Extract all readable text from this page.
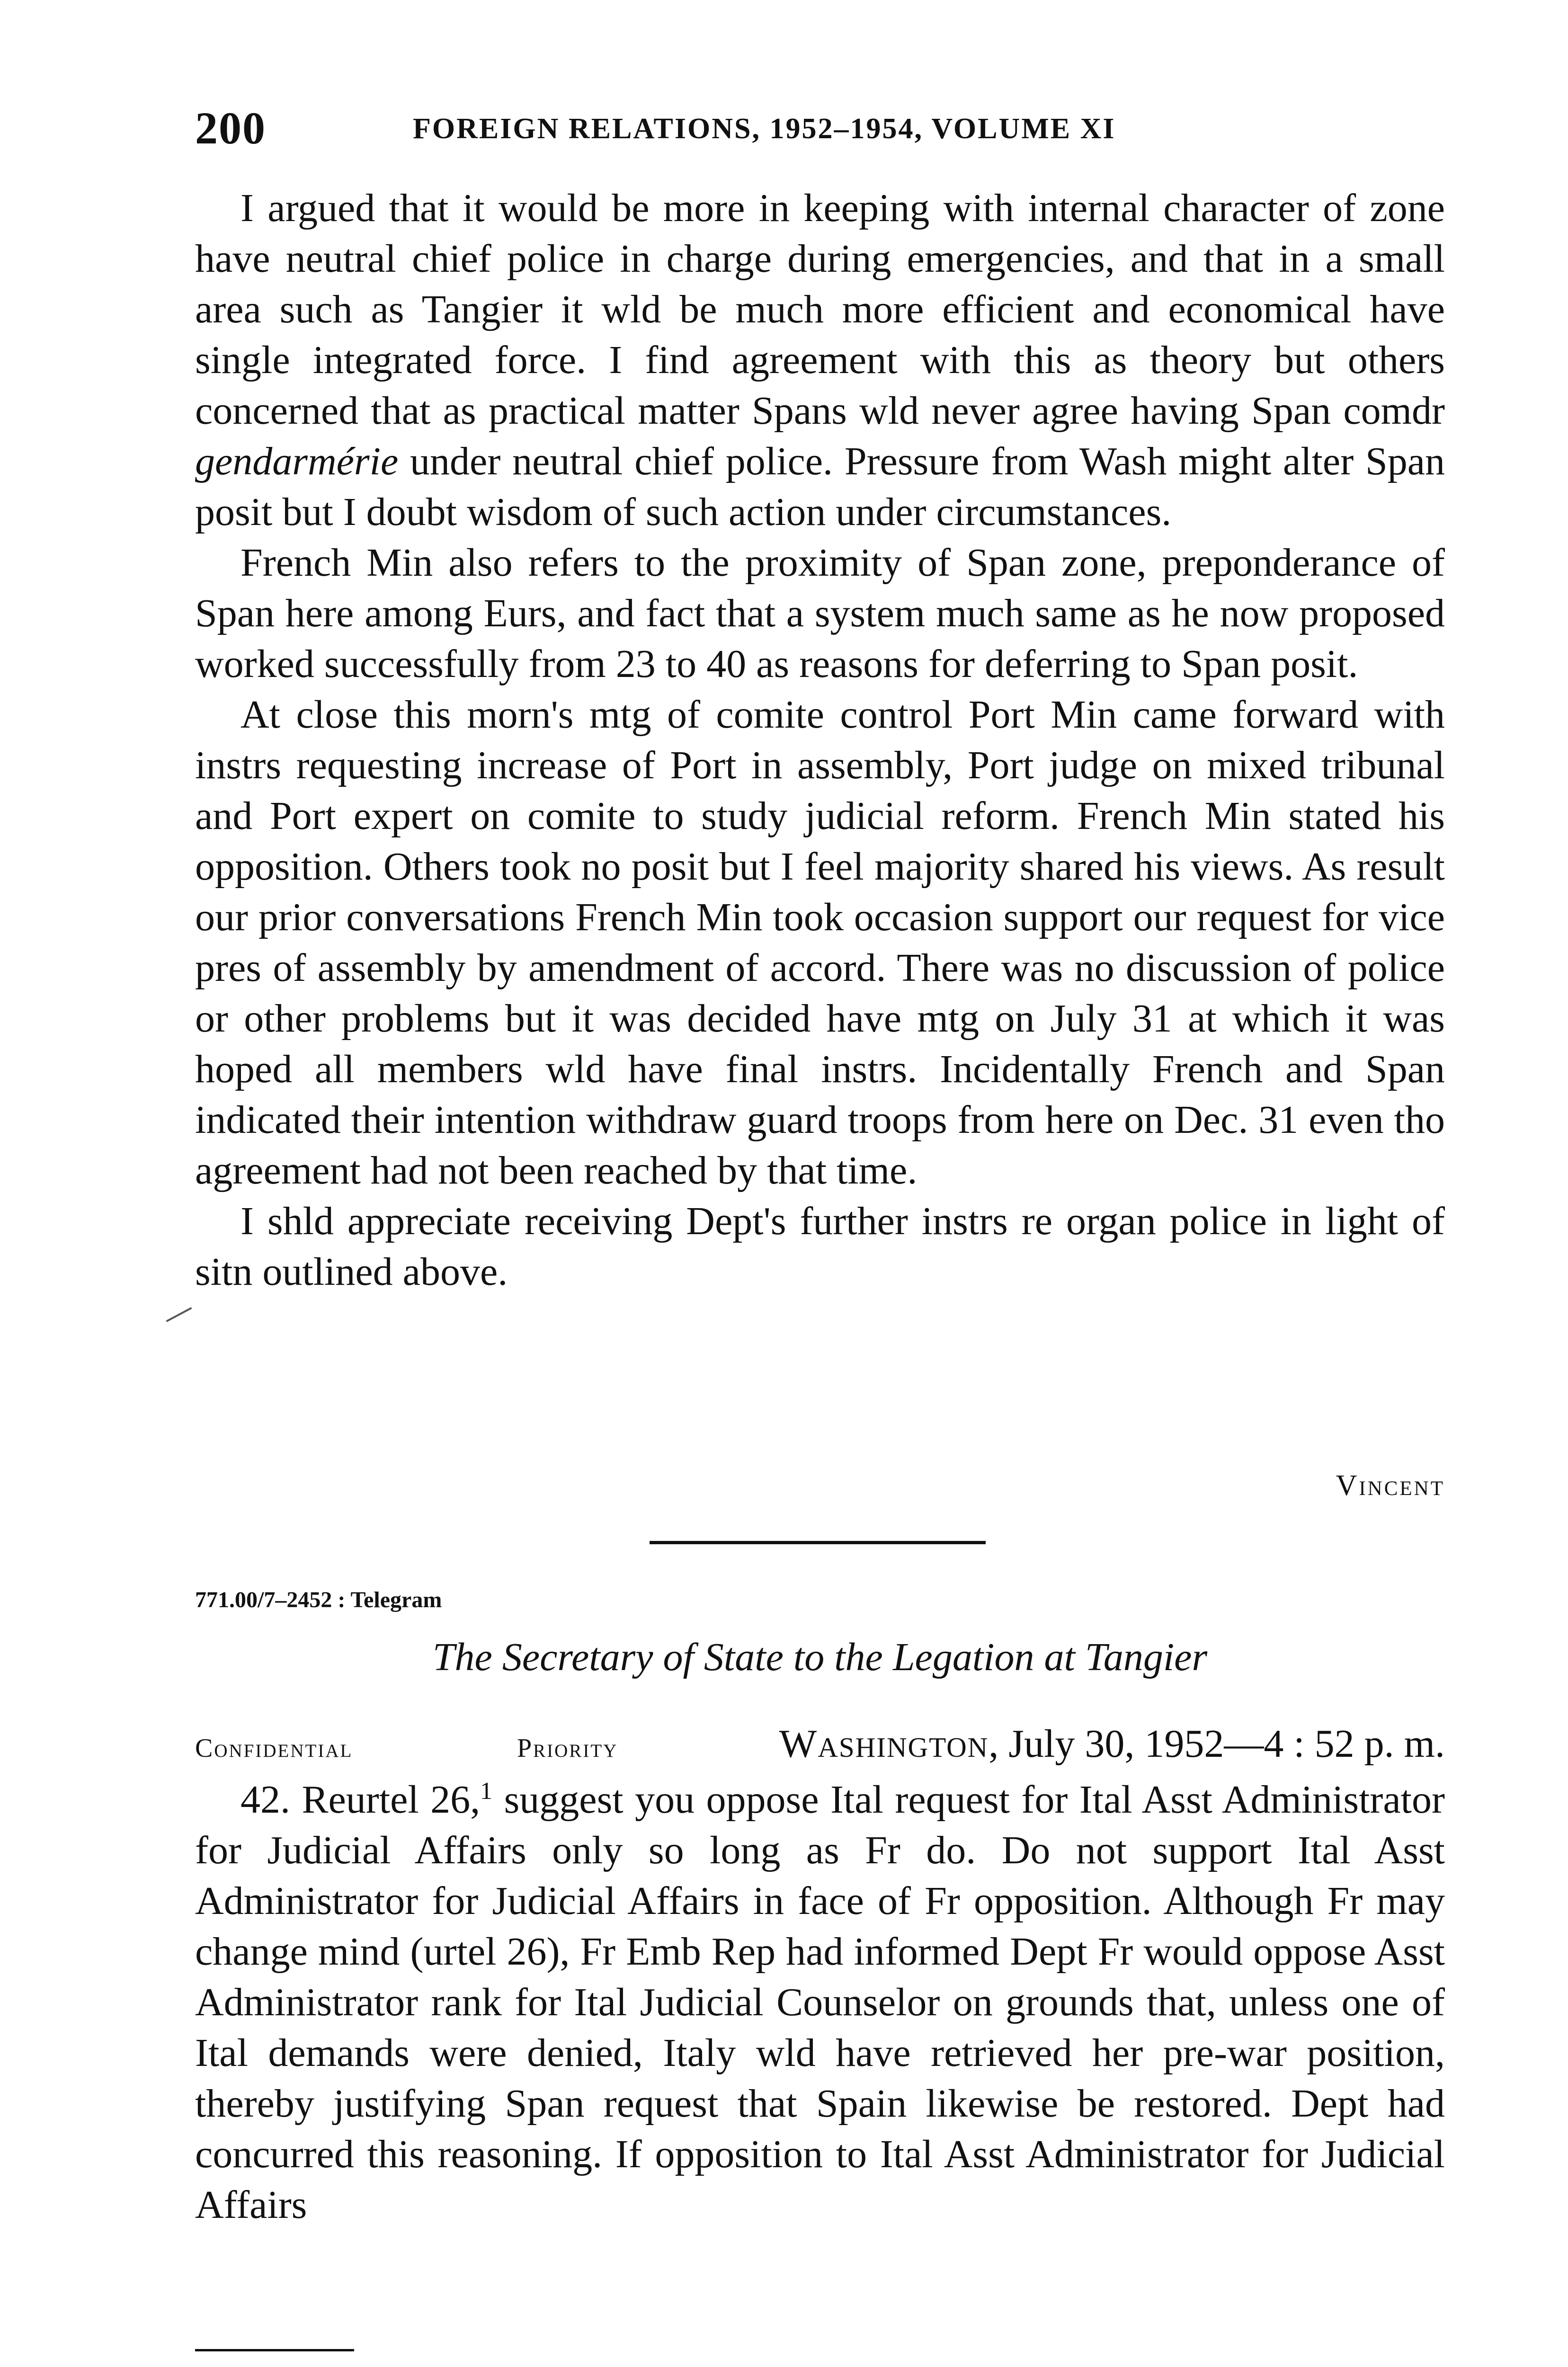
200	FOREIGN RELATIONS, 1952–1954, VOLUME XI

I argued that it would be more in keeping with internal character of zone have neutral chief police in charge during emergencies, and that in a small area such as Tangier it wld be much more efficient and economical have single integrated force. I find agreement with this as theory but others concerned that as practical matter Spans wld never agree having Span comdr gendarmérie under neutral chief police. Pressure from Wash might alter Span posit but I doubt wisdom of such action under circumstances.

French Min also refers to the proximity of Span zone, preponderance of Span here among Eurs, and fact that a system much same as he now proposed worked successfully from 23 to 40 as reasons for deferring to Span posit.

At close this morn's mtg of comite control Port Min came forward with instrs requesting increase of Port in assembly, Port judge on mixed tribunal and Port expert on comite to study judicial reform. French Min stated his opposition. Others took no posit but I feel majority shared his views. As result our prior conversations French Min took occasion support our request for vice pres of assembly by amendment of accord. There was no discussion of police or other problems but it was decided have mtg on July 31 at which it was hoped all members wld have final instrs. Incidentally French and Span indicated their intention withdraw guard troops from here on Dec. 31 even tho agreement had not been reached by that time.

I shld appreciate receiving Dept's further instrs re organ police in light of sitn outlined above.

Vincent
771.00/7–2452 : Telegram
The Secretary of State to the Legation at Tangier
Confidential	Priority	Washington, July 30, 1952—4 : 52 p. m.

42. Reurtel 26,$^1$ suggest you oppose Ital request for Ital Asst Administrator for Judicial Affairs only so long as Fr do. Do not support Ital Asst Administrator for Judicial Affairs in face of Fr opposition. Although Fr may change mind (urtel 26), Fr Emb Rep had informed Dept Fr would oppose Asst Administrator rank for Ital Judicial Counselor on grounds that, unless one of Ital demands were denied, Italy wld have retrieved her pre-war position, thereby justifying Span request that Spain likewise be restored. Dept had concurred this reasoning. If opposition to Ital Asst Administrator for Judicial Affairs
